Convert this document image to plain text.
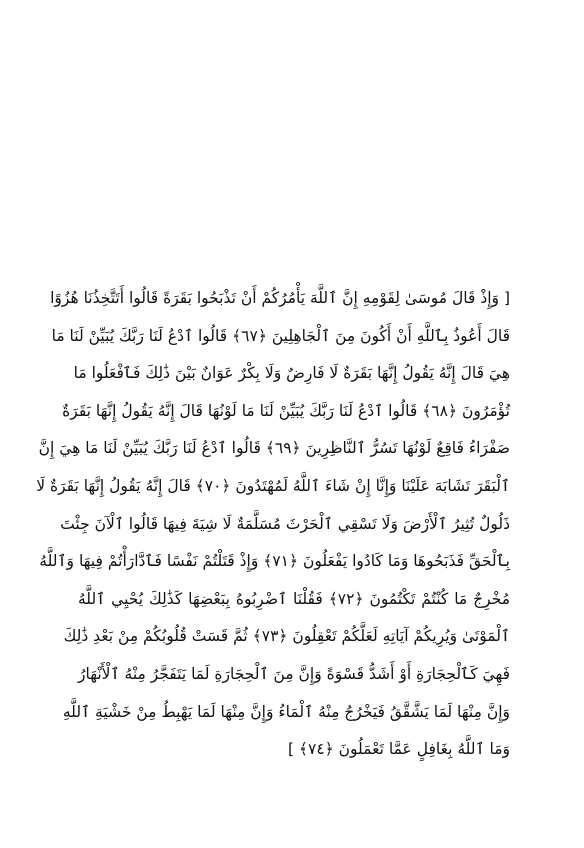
[ وَإِذْ قَالَ مُوسَىٰ لِقَوْمِهِ إِنَّ ٱللَّهَ يَأْمُرُكُمْ أَنْ تَذْبَحُوا بَقَرَةً قَالُوا أَتَتَّخِذُنَا هُزُوًا
قَالَ أَعُوذُ بِٱللَّهِ أَنْ أَكُونَ مِنَ ٱلْجَاهِلِينَ ﴿٦٧﴾ قَالُوا ٱدْعُ لَنَا رَبَّكَ يُبَيِّنْ لَنَا مَا
هِيَ قَالَ إِنَّهُ يَقُولُ إِنَّهَا بَقَرَةٌ لَا فَارِضٌ وَلَا بِكْرٌ عَوَانٌ بَيْنَ ذَٰلِكَ فَٱفْعَلُوا مَا
تُؤْمَرُونَ ﴿٦٨﴾ قَالُوا ٱدْعُ لَنَا رَبَّكَ يُبَيِّنْ لَنَا مَا لَوْنُهَا قَالَ إِنَّهُ يَقُولُ إِنَّهَا بَقَرَةٌ
صَفْرَاءُ فَاقِعٌ لَوْنُهَا تَسُرُّ ٱلنَّاظِرِينَ ﴿٦٩﴾ قَالُوا ٱدْعُ لَنَا رَبَّكَ يُبَيِّنْ لَنَا مَا هِيَ إِنَّ
ٱلْبَقَرَ تَشَابَهَ عَلَيْنَا وَإِنَّا إِنْ شَاءَ ٱللَّهُ لَمُهْتَدُونَ ﴿٧٠﴾ قَالَ إِنَّهُ يَقُولُ إِنَّهَا بَقَرَةٌ لَا
ذَلُولٌ تُثِيرُ ٱلْأَرْضَ وَلَا تَسْقِي ٱلْحَرْثَ مُسَلَّمَةٌ لَا شِيَةَ فِيهَا قَالُوا ٱلْآنَ جِئْتَ
بِٱلْحَقِّ فَذَبَحُوهَا وَمَا كَادُوا يَفْعَلُونَ ﴿٧١﴾ وَإِذْ قَتَلْتُمْ نَفْسًا فَٱدَّارَأْتُمْ فِيهَا وَٱللَّهُ
مُخْرِجٌ مَا كُنْتُمْ تَكْتُمُونَ ﴿٧٢﴾ فَقُلْنَا ٱضْرِبُوهُ بِبَعْضِهَا كَذَٰلِكَ يُحْيِي ٱللَّهُ
ٱلْمَوْتَىٰ وَيُرِيكُمْ آيَاتِهِ لَعَلَّكُمْ تَعْقِلُونَ ﴿٧٣﴾ ثُمَّ قَسَتْ قُلُوبُكُمْ مِنْ بَعْدِ ذَٰلِكَ
فَهِيَ كَٱلْحِجَارَةِ أَوْ أَشَدُّ قَسْوَةً وَإِنَّ مِنَ ٱلْحِجَارَةِ لَمَا يَتَفَجَّرُ مِنْهُ ٱلْأَنْهَارُ
وَإِنَّ مِنْهَا لَمَا يَشَّقَّقُ فَيَخْرُجُ مِنْهُ ٱلْمَاءُ وَإِنَّ مِنْهَا لَمَا يَهْبِطُ مِنْ خَشْيَةِ ٱللَّهِ
وَمَا ٱللَّهُ بِغَافِلٍ عَمَّا تَعْمَلُونَ ﴿٧٤﴾ ]
